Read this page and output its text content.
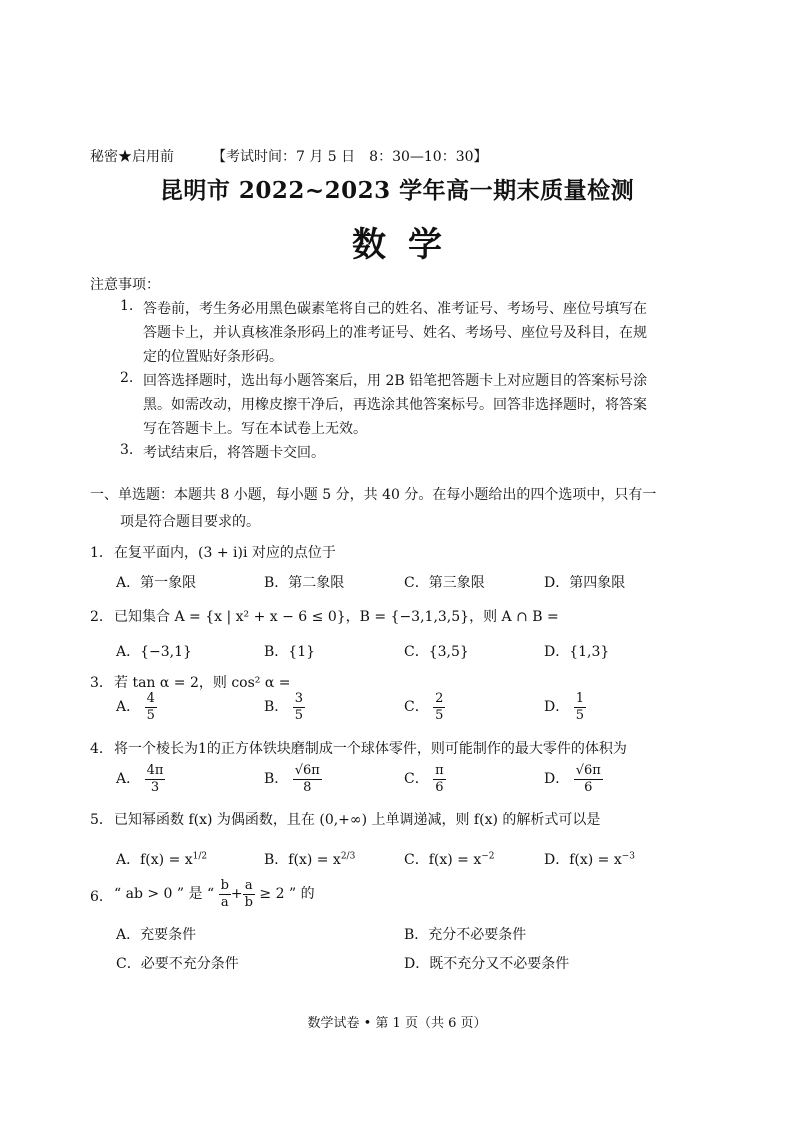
秘密★启用前	【考试时间：7 月 5 日　8：30—10：30】
昆明市 2022~2023 学年高一期末质量检测
数学
注意事项：
1. 答卷前，考生务必用黑色碳素笔将自己的姓名、准考证号、考场号、座位号填写在
答题卡上，并认真核准条形码上的准考证号、姓名、考场号、座位号及科目，在规
定的位置贴好条形码。
2. 回答选择题时，选出每小题答案后，用 2B 铅笔把答题卡上对应题目的答案标号涂
黑。如需改动，用橡皮擦干净后，再选涂其他答案标号。回答非选择题时，将答案
写在答题卡上。写在本试卷上无效。
3. 考试结束后，将答题卡交回。
一、单选题：本题共 8 小题，每小题 5 分，共 40 分。在每小题给出的四个选项中，只有一
项是符合题目要求的。
1． 在复平面内，(3 + i)i 对应的点位于
A．第一象限	B．第二象限	C．第三象限	D．第四象限
2． 已知集合 A = {x | x² + x − 6 ≤ 0}，B = {−3,1,3,5}，则 A ∩ B =
A．{−3,1}	B．{1}	C．{3,5}	D．{1,3}
3． 若 tan α = 2，则 cos² α =
A． $\frac{4}{5}$	B． $\frac{3}{5}$	C． $\frac{2}{5}$	D． $\frac{1}{5}$
4． 将一个棱长为1的正方体铁块磨制成一个球体零件，则可能制作的最大零件的体积为
A． $\frac{4\pi}{3}$	B． $\frac{√6\pi}{8}$	C． $\frac{\pi}{6}$	D． $\frac{√6\pi}{6}$
5． 已知幂函数 f(x) 为偶函数，且在 (0,+∞) 上单调递减，则 f(x) 的解析式可以是
A．$f(x) = x^{1/2}$	B．$f(x) = x^{2/3}$	C．$f(x) = x^{-2}$	D．$f(x) = x^{-3}$
6． “ ab > 0 ” 是 “ $\frac{b}{a} + \frac{a}{b} \ge 2$ ” 的
A．充要条件	B．充分不必要条件
C．必要不充分条件	D．既不充分又不必要条件
数学试卷 • 第 1 页（共 6 页）
